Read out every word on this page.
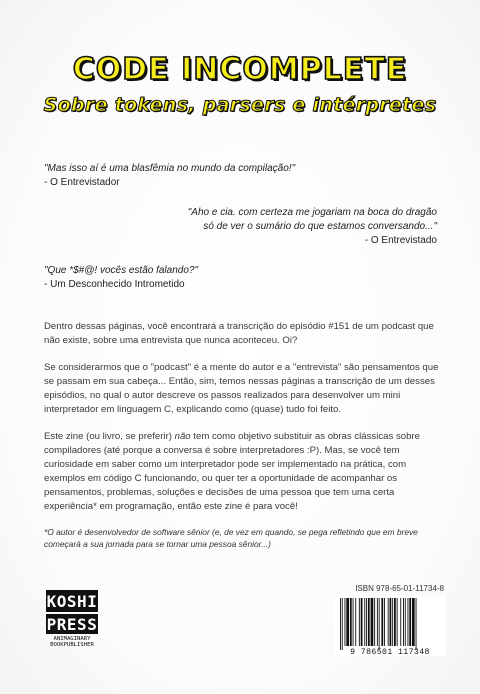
CODE INCOMPLETE
Sobre tokens, parsers e intérpretes
"Mas isso aí é uma blasfêmia no mundo da compilação!"
- O Entrevistador
"Aho e cia. com certeza me jogariam na boca do dragão
só de ver o sumário do que estamos conversando..."
- O Entrevistado
"Que *$#@! vocês estão falando?"
- Um Desconhecido Intrometido

Dentro dessas páginas, você encontrará a transcrição do episódio #151 de um podcast que não existe, sobre uma entrevista que nunca aconteceu. Oi?

Se considerarmos que o "podcast" é a mente do autor e a "entrevista" são pensamentos que se passam em sua cabeça... Então, sim, temos nessas páginas a transcrição de um desses episódios, no qual o autor descreve os passos realizados para desenvolver um mini interpretador em linguagem C, explicando como (quase) tudo foi feito.

Este zine (ou livro, se preferir) não tem como objetivo substituir as obras clássicas sobre compiladores (até porque a conversa é sobre interpretadores :P). Mas, se você tem curiosidade em saber como um interpretador pode ser implementado na prática, com exemplos em código C funcionando, ou quer ter a oportunidade de acompanhar os pensamentos, problemas, soluções e decisões de uma pessoa que tem uma certa experiência* em programação, então este zine é para você!

*O autor é desenvolvedor de software sênior (e, de vez em quando, se pega refletindo que em breve começará a sua jornada para se tornar uma pessoa sênior...)
KOSHI
PRESS
ANIMAGINARY
BOOKPUBLISHER
ISBN 978-65-01-11734-8
9 786501 117348
